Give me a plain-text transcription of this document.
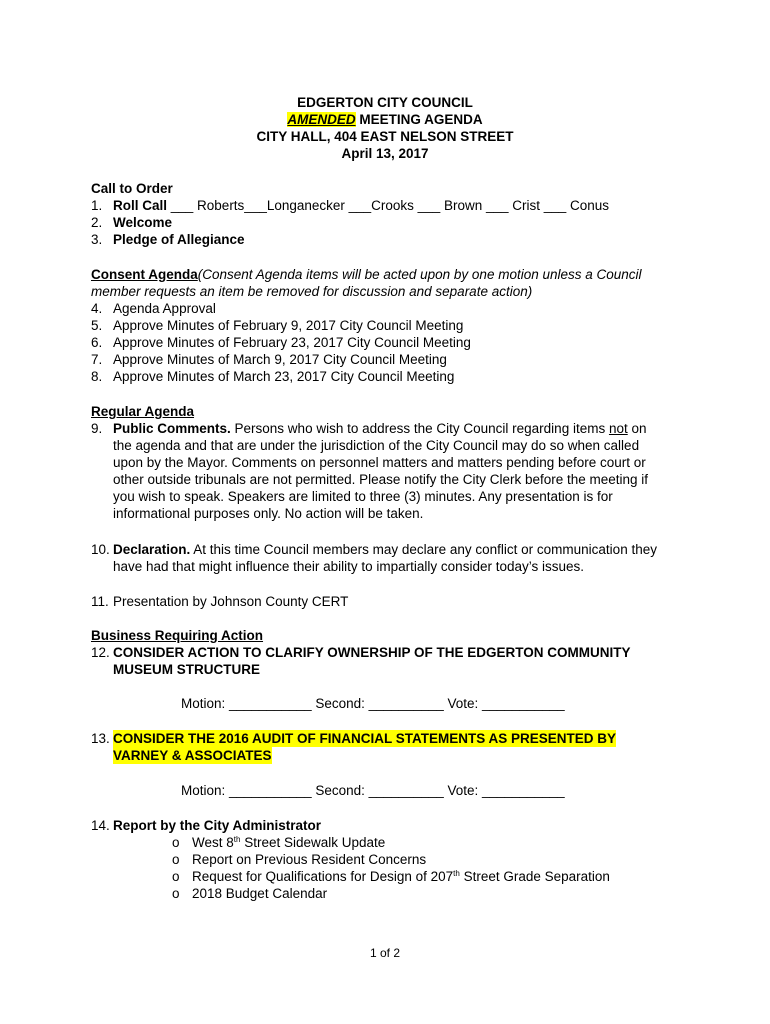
EDGERTON CITY COUNCIL
AMENDED MEETING AGENDA
CITY HALL, 404 EAST NELSON STREET
April 13, 2017
Call to Order
1. Roll Call ___ Roberts___Longanecker ___Crooks ___ Brown ___ Crist ___ Conus
2. Welcome
3. Pledge of Allegiance
Consent Agenda (Consent Agenda items will be acted upon by one motion unless a Council
member requests an item be removed for discussion and separate action)
4. Agenda Approval
5. Approve Minutes of February 9, 2017 City Council Meeting
6. Approve Minutes of February 23, 2017 City Council Meeting
7. Approve Minutes of March 9, 2017 City Council Meeting
8. Approve Minutes of March 23, 2017 City Council Meeting
Regular Agenda
9. Public Comments. Persons who wish to address the City Council regarding items not on
the agenda and that are under the jurisdiction of the City Council may do so when called
upon by the Mayor. Comments on personnel matters and matters pending before court or
other outside tribunals are not permitted. Please notify the City Clerk before the meeting if
you wish to speak. Speakers are limited to three (3) minutes. Any presentation is for
informational purposes only. No action will be taken.
10. Declaration. At this time Council members may declare any conflict or communication they
have had that might influence their ability to impartially consider today’s issues.
11. Presentation by Johnson County CERT
Business Requiring Action
12. CONSIDER ACTION TO CLARIFY OWNERSHIP OF THE EDGERTON COMMUNITY
MUSEUM STRUCTURE
Motion: ___________ Second: __________ Vote: ___________
13. CONSIDER THE 2016 AUDIT OF FINANCIAL STATEMENTS AS PRESENTED BY
VARNEY & ASSOCIATES
Motion: ___________ Second: __________ Vote: ___________
14. Report by the City Administrator
o West 8th Street Sidewalk Update
o Report on Previous Resident Concerns
o Request for Qualifications for Design of 207th Street Grade Separation
o 2018 Budget Calendar
1 of 2
